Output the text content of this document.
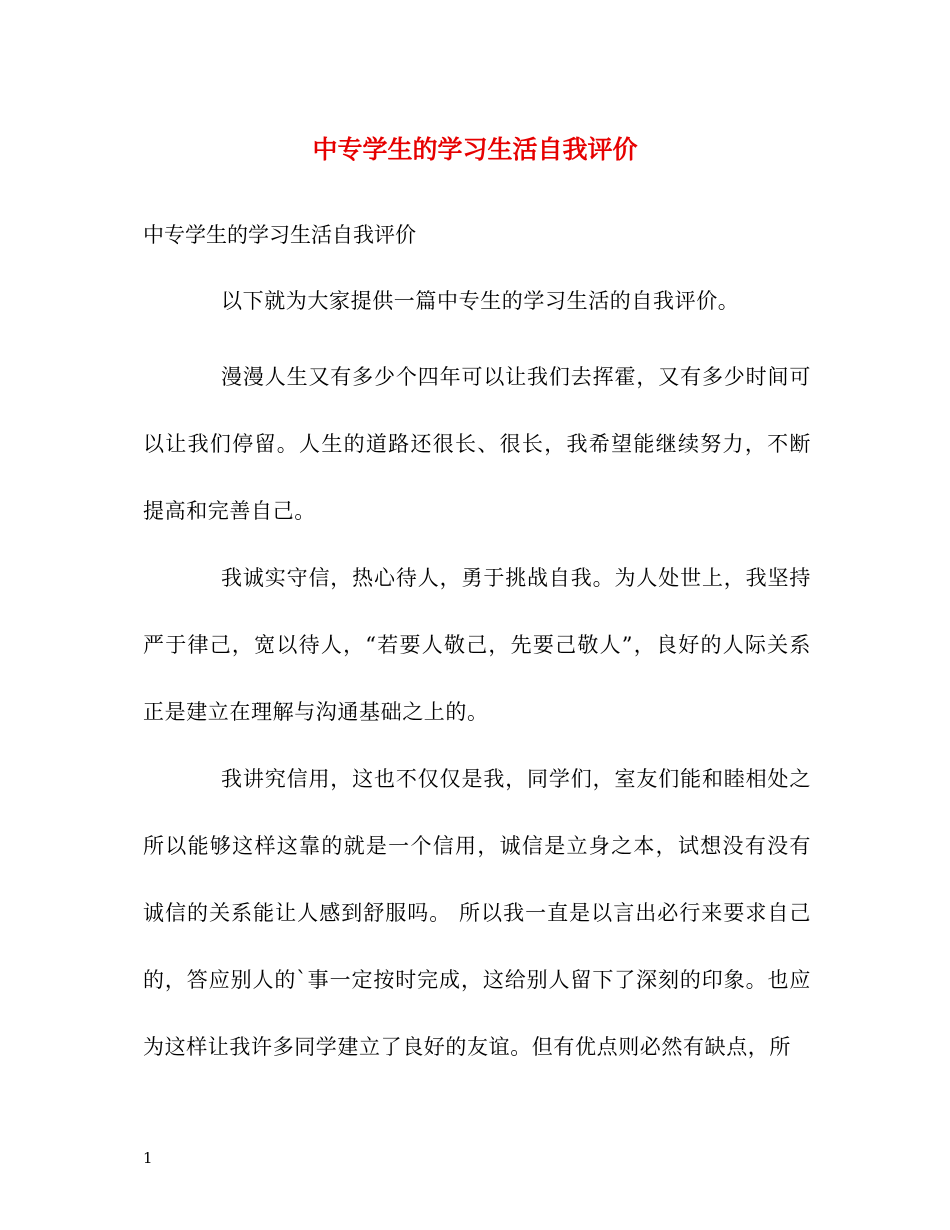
中专学生的学习生活自我评价

中专学生的学习生活自我评价

以下就为大家提供一篇中专生的学习生活的自我评价。

漫漫人生又有多少个四年可以让我们去挥霍，又有多少时间可以让我们停留。人生的道路还很长、很长，我希望能继续努力，不断提高和完善自己。

我诚实守信，热心待人，勇于挑战自我。为人处世上，我坚持严于律己，宽以待人，“若要人敬己，先要己敬人”，良好的人际关系正是建立在理解与沟通基础之上的。

我讲究信用，这也不仅仅是我，同学们，室友们能和睦相处之所以能够这样这靠的就是一个信用，诚信是立身之本，试想没有没有诚信的关系能让人感到舒服吗。 所以我一直是以言出必行来要求自己的，答应别人的`事一定按时完成，这给别人留下了深刻的印象。也应为这样让我许多同学建立了良好的友谊。但有优点则必然有缺点，所

1
